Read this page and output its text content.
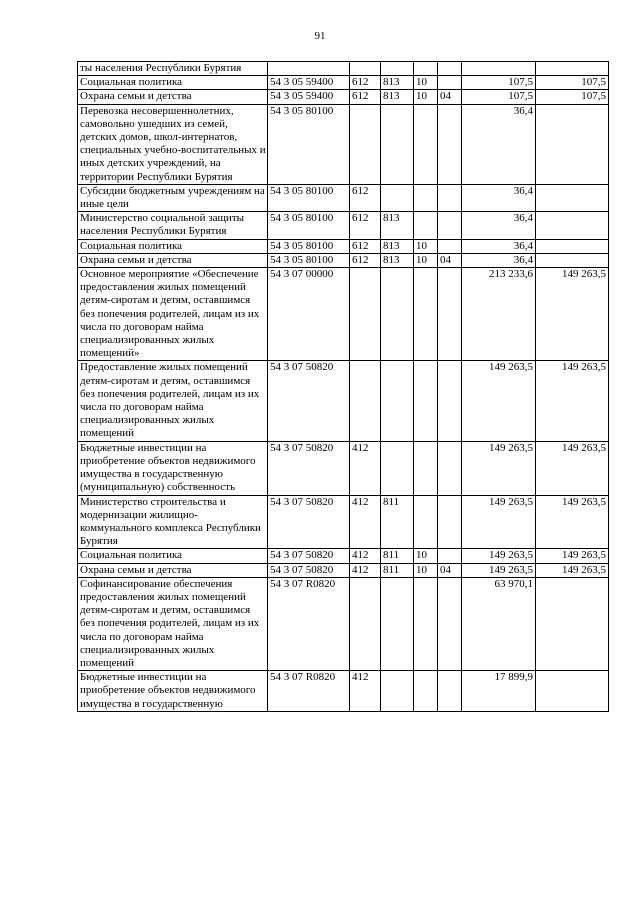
91
ты населения Республики Бурятия							
Социальная политика	54 3 05 59400	612	813	10		107,5	107,5
Охрана семьи и детства	54 3 05 59400	612	813	10	04	107,5	107,5
Перевозка несовершеннолетних, самовольно ушедших из семей, детских домов, школ-интернатов, специальных учебно-воспитательных и иных детских учреждений, на территории Республики Бурятия	54 3 05 80100					36,4	
Субсидии бюджетным учреждениям на иные цели	54 3 05 80100	612				36,4	
Министерство социальной защиты населения Республики Бурятия	54 3 05 80100	612	813			36,4	
Социальная политика	54 3 05 80100	612	813	10		36,4	
Охрана семьи и детства	54 3 05 80100	612	813	10	04	36,4	
Основное мероприятие «Обеспечение предоставления жилых помещений детям-сиротам и детям, оставшимся без попечения родителей, лицам из их числа по договорам найма специализированных жилых помещений»	54 3 07 00000					213 233,6	149 263,5
Предоставление жилых помещений детям-сиротам и детям, оставшимся без попечения родителей, лицам из их числа по договорам найма специализированных жилых помещений	54 3 07 50820					149 263,5	149 263,5
Бюджетные инвестиции на приобретение объектов недвижимого имущества в государственную (муниципальную) собственность	54 3 07 50820	412				149 263,5	149 263,5
Министерство строительства и модернизации жилищно-коммунального комплекса Республики Бурятия	54 3 07 50820	412	811			149 263,5	149 263,5
Социальная политика	54 3 07 50820	412	811	10		149 263,5	149 263,5
Охрана семьи и детства	54 3 07 50820	412	811	10	04	149 263,5	149 263,5
Софинансирование обеспечения предоставления жилых помещений детям-сиротам и детям, оставшимся без попечения родителей, лицам из их числа по договорам найма специализированных жилых помещений	54 3 07 R0820					63 970,1	
Бюджетные инвестиции на приобретение объектов недвижимого имущества в государственную	54 3 07 R0820	412				17 899,9	
